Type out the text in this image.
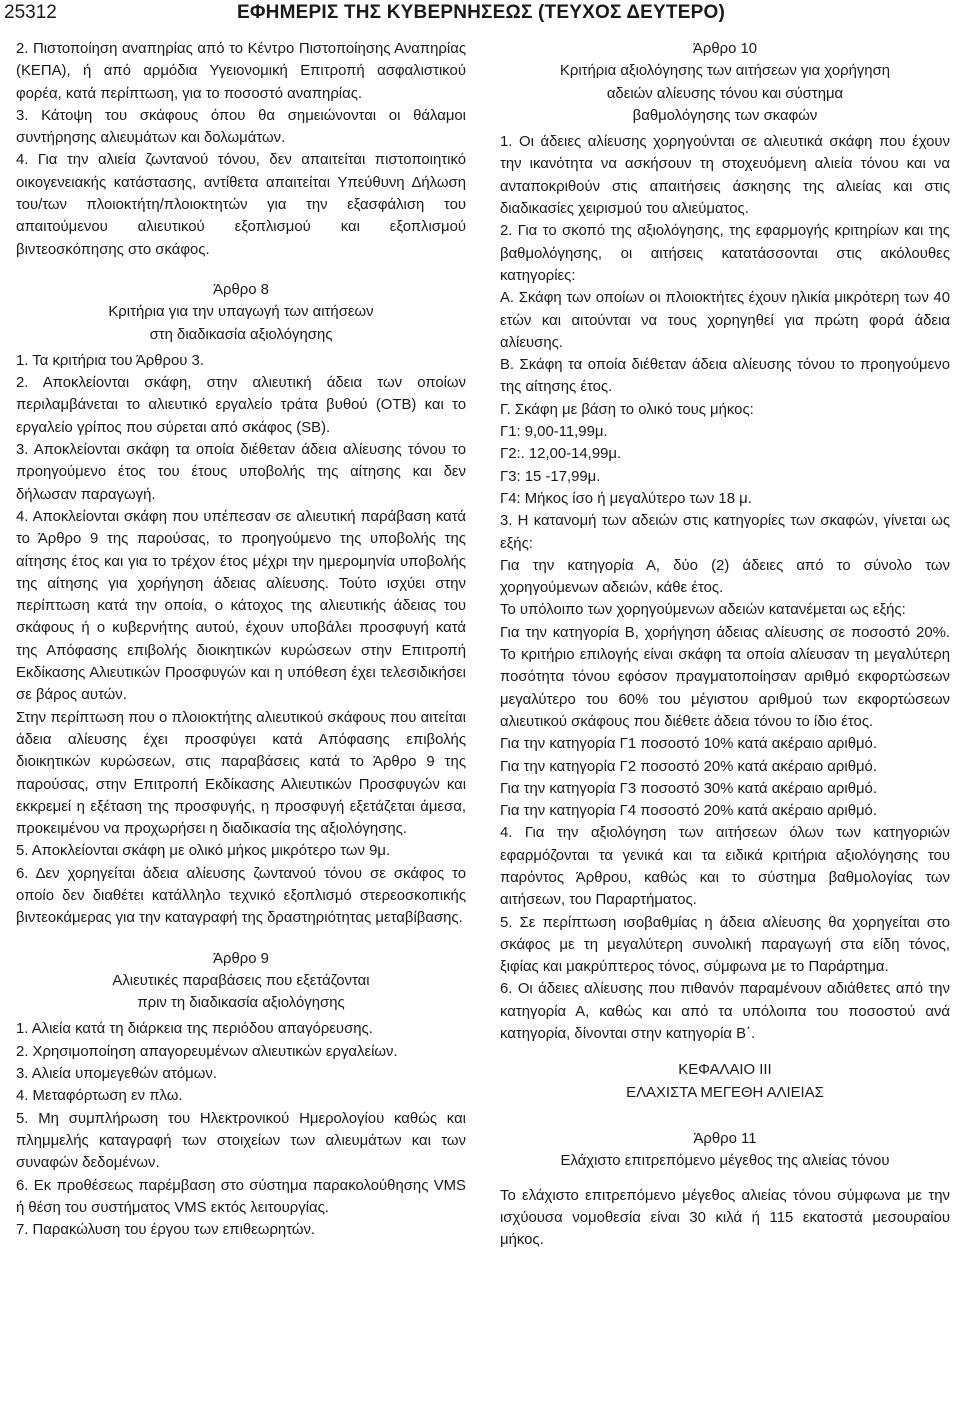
25312	ΕΦΗΜΕΡΙΣ ΤΗΣ ΚΥΒΕΡΝΗΣΕΩΣ (ΤΕΥΧΟΣ ΔΕΥΤΕΡΟ)

2. Πιστοποίηση αναπηρίας από το Κέντρο Πιστοποίησης Αναπηρίας (ΚΕΠΑ), ή από αρμόδια Υγειονομική Επιτροπή ασφαλιστικού φορέα, κατά περίπτωση, για το ποσοστό αναπηρίας.

3. Κάτοψη του σκάφους όπου θα σημειώνονται οι θάλαμοι συντήρησης αλιευμάτων και δολωμάτων.

4. Για την αλιεία ζωντανού τόνου, δεν απαιτείται πιστοποιητικό οικογενειακής κατάστασης, αντίθετα απαιτείται Υπεύθυνη Δήλωση του/των πλοιοκτήτη/πλοιοκτητών για την εξασφάλιση του απαιτούμενου αλιευτικού εξοπλισμού και εξοπλισμού βιντεοσκόπησης στο σκάφος.

Άρθρο 8

Κριτήρια για την υπαγωγή των αιτήσεων

στη διαδικασία αξιολόγησης

1. Τα κριτήρια του Άρθρου 3.

2. Αποκλείονται σκάφη, στην αλιευτική άδεια των οποίων περιλαμβάνεται το αλιευτικό εργαλείο τράτα βυθού (ΟΤΒ) και το εργαλείο γρίπος που σύρεται από σκάφος (SB).

3. Αποκλείονται σκάφη τα οποία διέθεταν άδεια αλίευσης τόνου το προηγούμενο έτος του έτους υποβολής της αίτησης και δεν δήλωσαν παραγωγή.

4. Αποκλείονται σκάφη που υπέπεσαν σε αλιευτική παράβαση κατά το Άρθρο 9 της παρούσας, το προηγούμενο της υποβολής της αίτησης έτος και για το τρέχον έτος μέχρι την ημερομηνία υποβολής της αίτησης για χορήγηση άδειας αλίευσης. Τούτο ισχύει στην περίπτωση κατά την οποία, ο κάτοχος της αλιευτικής άδειας του σκάφους ή ο κυβερνήτης αυτού, έχουν υποβάλει προσφυγή κατά της Απόφασης επιβολής διοικητικών κυρώσεων στην Επιτροπή Εκδίκασης Αλιευτικών Προσφυγών και η υπόθεση έχει τελεσιδικήσει σε βάρος αυτών.

Στην περίπτωση που ο πλοιοκτήτης αλιευτικού σκάφους που αιτείται άδεια αλίευσης έχει προσφύγει κατά Απόφασης επιβολής διοικητικών κυρώσεων, στις παραβάσεις κατά το Άρθρο 9 της παρούσας, στην Επιτροπή Εκδίκασης Αλιευτικών Προσφυγών και εκκρεμεί η εξέταση της προσφυγής, η προσφυγή εξετάζεται άμεσα, προκειμένου να προχωρήσει η διαδικασία της αξιολόγησης.

5. Αποκλείονται σκάφη με ολικό μήκος μικρότερο των 9μ.

6. Δεν χορηγείται άδεια αλίευσης ζωντανού τόνου σε σκάφος το οποίο δεν διαθέτει κατάλληλο τεχνικό εξοπλισμό στερεοσκοπικής βιντεοκάμερας για την καταγραφή της δραστηριότητας μεταβίβασης.

Άρθρο 9

Αλιευτικές παραβάσεις που εξετάζονται

πριν τη διαδικασία αξιολόγησης

1. Αλιεία κατά τη διάρκεια της περιόδου απαγόρευσης.

2. Χρησιμοποίηση απαγορευμένων αλιευτικών εργαλείων.

3. Αλιεία υπομεγεθών ατόμων.

4. Μεταφόρτωση εν πλω.

5. Μη συμπλήρωση του Ηλεκτρονικού Ημερολογίου καθώς και πλημμελής καταγραφή των στοιχείων των αλιευμάτων και των συναφών δεδομένων.

6. Εκ προθέσεως παρέμβαση στο σύστημα παρακολούθησης VMS ή θέση του συστήματος VMS εκτός λειτουργίας.

7. Παρακώλυση του έργου των επιθεωρητών.

Άρθρο 10

Κριτήρια αξιολόγησης των αιτήσεων για χορήγηση

αδειών αλίευσης τόνου και σύστημα

βαθμολόγησης των σκαφών

1. Οι άδειες αλίευσης χορηγούνται σε αλιευτικά σκάφη που έχουν την ικανότητα να ασκήσουν τη στοχευόμενη αλιεία τόνου και να ανταποκριθούν στις απαιτήσεις άσκησης της αλιείας και στις διαδικασίες χειρισμού του αλιεύματος.

2. Για το σκοπό της αξιολόγησης, της εφαρμογής κριτηρίων και της βαθμολόγησης, οι αιτήσεις κατατάσσονται στις ακόλουθες κατηγορίες:

Α. Σκάφη των οποίων οι πλοιοκτήτες έχουν ηλικία μικρότερη των 40 ετών και αιτούνται να τους χορηγηθεί για πρώτη φορά άδεια αλίευσης.

Β. Σκάφη τα οποία διέθεταν άδεια αλίευσης τόνου το προηγούμενο της αίτησης έτος.

Γ. Σκάφη με βάση το ολικό τους μήκος:

Γ1: 9,00-11,99μ.

Γ2:. 12,00-14,99μ.

Γ3: 15 -17,99μ.

Γ4: Μήκος ίσο ή μεγαλύτερο των 18 μ.

3. Η κατανομή των αδειών στις κατηγορίες των σκαφών, γίνεται ως εξής:

Για την κατηγορία Α, δύο (2) άδειες από το σύνολο των χορηγούμενων αδειών, κάθε έτος.

Το υπόλοιπο των χορηγούμενων αδειών κατανέμεται ως εξής:

Για την κατηγορία Β, χορήγηση άδειας αλίευσης σε ποσοστό 20%. Το κριτήριο επιλογής είναι σκάφη τα οποία αλίευσαν τη μεγαλύτερη ποσότητα τόνου εφόσον πραγματοποίησαν αριθμό εκφορτώσεων μεγαλύτερο του 60% του μέγιστου αριθμού των εκφορτώσεων αλιευτικού σκάφους που διέθετε άδεια τόνου το ίδιο έτος.

Για την κατηγορία Γ1 ποσοστό 10% κατά ακέραιο αριθμό.

Για την κατηγορία Γ2 ποσοστό 20% κατά ακέραιο αριθμό.

Για την κατηγορία Γ3 ποσοστό 30% κατά ακέραιο αριθμό.

Για την κατηγορία Γ4 ποσοστό 20% κατά ακέραιο αριθμό.

4. Για την αξιολόγηση των αιτήσεων όλων των κατηγοριών εφαρμόζονται τα γενικά και τα ειδικά κριτήρια αξιολόγησης του παρόντος Άρθρου, καθώς και το σύστημα βαθμολογίας των αιτήσεων, του Παραρτήματος.

5. Σε περίπτωση ισοβαθμίας η άδεια αλίευσης θα χορηγείται στο σκάφος με τη μεγαλύτερη συνολική παραγωγή στα είδη τόνος, ξιφίας και μακρύπτερος τόνος, σύμφωνα με το Παράρτημα.

6. Οι άδειες αλίευσης που πιθανόν παραμένουν αδιάθετες από την κατηγορία Α, καθώς και από τα υπόλοιπα του ποσοστού ανά κατηγορία, δίνονται στην κατηγορία Β΄.

ΚΕΦΑΛΑΙΟ ΙΙΙ

ΕΛΑΧΙΣΤΑ ΜΕΓΕΘΗ ΑΛΙΕΙΑΣ

Άρθρο 11

Ελάχιστο επιτρεπόμενο μέγεθος της αλιείας τόνου

Το ελάχιστο επιτρεπόμενο μέγεθος αλιείας τόνου σύμφωνα με την ισχύουσα νομοθεσία είναι 30 κιλά ή 115 εκατοστά μεσουραίου μήκος.
